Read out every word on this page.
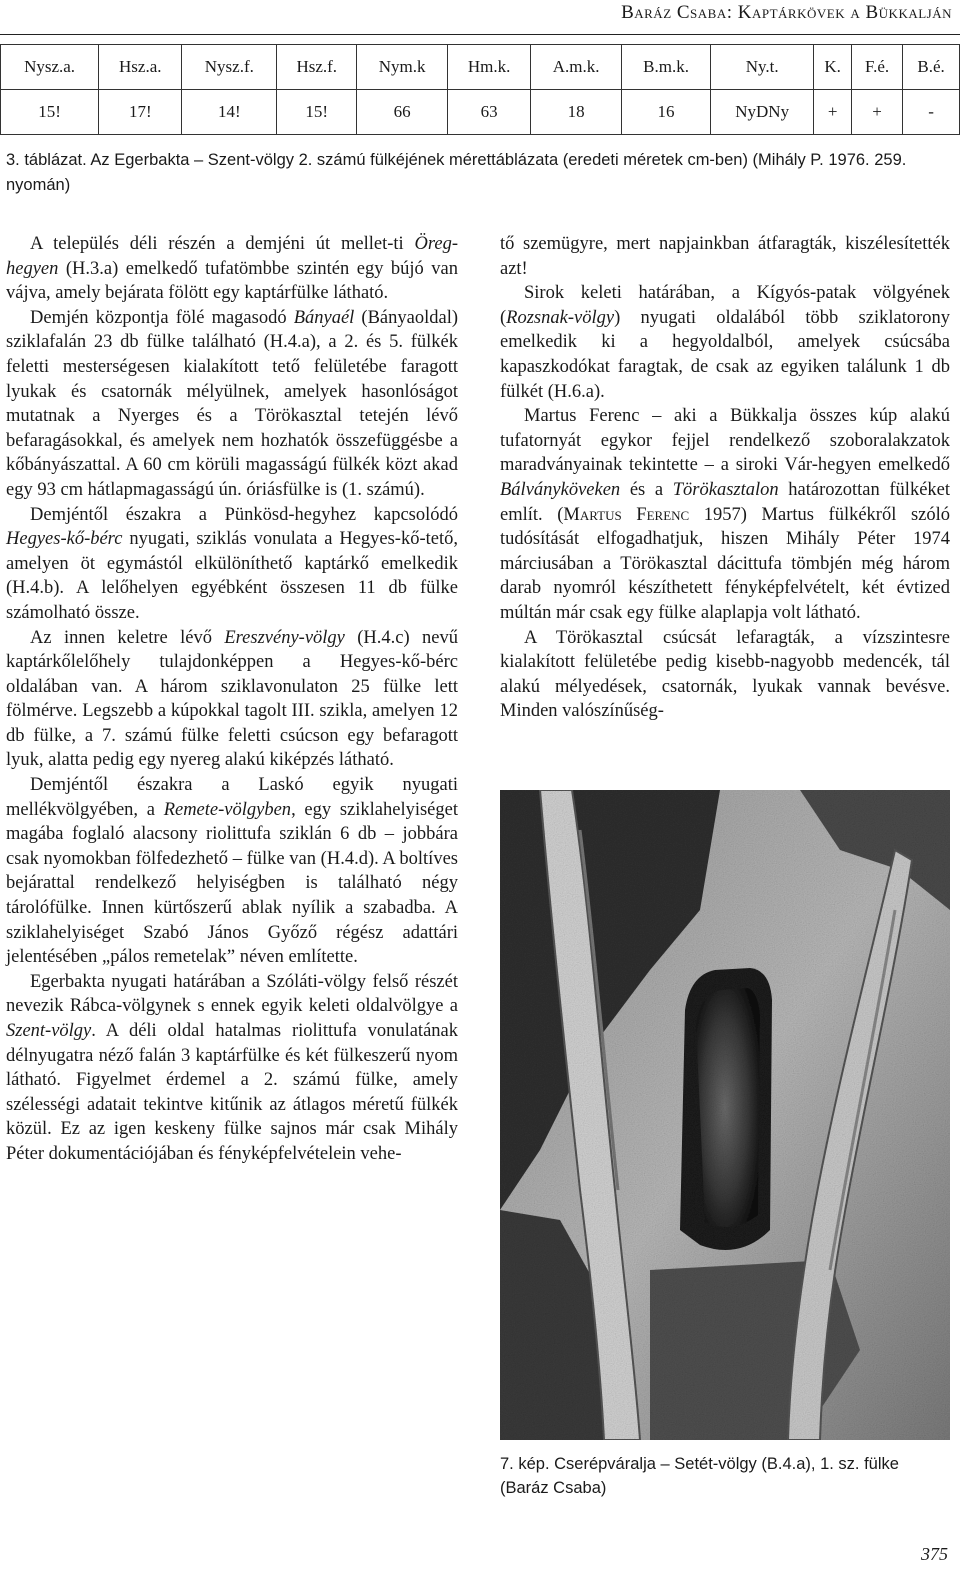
Baráz Csaba: Kaptárkövek a Bükkalján
Nysz.a.	Hsz.a.	Nysz.f.	Hsz.f.	Nym.k	Hm.k.	A.m.k.	B.m.k.	Ny.t.	K.	F.é.	B.é.
15!	17!	14!	15!	66	63	18	16	NyDNy	+	+	-

3. táblázat. Az Egerbakta – Szent-völgy 2. számú fülkéjének mérettáblázata (eredeti méretek cm-ben) (Mihály P. 1976. 259. nyomán)

A település déli részén a demjéni út mellet-ti Öreg-hegyen (H.3.a) emelkedő tufatömbbe szintén egy bújó van vájva, amely bejárata fölött egy kaptárfülke látható.

Demjén központja fölé magasodó Bányaél (Bányaoldal) sziklafalán 23 db fülke található (H.4.a), a 2. és 5. fülkék feletti mesterségesen kialakított tető felületébe faragott lyukak és csatornák mélyülnek, amelyek hasonlóságot mutatnak a Nyerges és a Törökasztal tetején lévő befaragásokkal, és amelyek nem hozhatók összefüggésbe a kőbányászattal. A 60 cm körüli magasságú fülkék közt akad egy 93 cm hátlapmagasságú ún. óriásfülke is (1. számú).

Demjéntől északra a Pünkösd-hegyhez kapcsolódó Hegyes-kő-bérc nyugati, sziklás vonulata a Hegyes-kő-tető, amelyen öt egymástól elkülöníthető kaptárkő emelkedik (H.4.b). A lelőhelyen egyébként összesen 11 db fülke számolható össze.

Az innen keletre lévő Ereszvény-völgy (H.4.c) nevű kaptárkőlelőhely tulajdonképpen a Hegyes-kő-bérc oldalában van. A három sziklavonulaton 25 fülke lett fölmérve. Legszebb a kúpokkal tagolt III. szikla, amelyen 12 db fülke, a 7. számú fülke feletti csúcson egy befaragott lyuk, alatta pedig egy nyereg alakú kiképzés látható.

Demjéntől északra a Laskó egyik nyugati mellékvölgyében, a Remete-völgyben, egy sziklahelyiséget magába foglaló alacsony riolittufa sziklán 6 db – jobbára csak nyomokban fölfedezhető – fülke van (H.4.d). A boltíves bejárattal rendelkező helyiségben is található négy tárolófülke. Innen kürtőszerű ablak nyílik a szabadba. A sziklahelyiséget Szabó János Győző régész adattári jelentésében „pálos remetelak” néven említette.

Egerbakta nyugati határában a Szóláti-völgy felső részét nevezik Rábca-völgynek s ennek egyik keleti oldalvölgye a Szent-völgy. A déli oldal hatalmas riolittufa vonulatának délnyugatra néző falán 3 kaptárfülke és két fülkeszerű nyom látható. Figyelmet érdemel a 2. számú fülke, amely szélességi adatait tekintve kitűnik az átlagos méretű fülkék közül. Ez az igen keskeny fülke sajnos már csak Mihály Péter dokumentációjában és fényképfelvételein vehe-

tő szemügyre, mert napjainkban átfaragták, kiszélesítették azt!

Sirok keleti határában, a Kígyós-patak völgyének (Rozsnak-völgy) nyugati oldalából több sziklatorony emelkedik ki a hegyoldalból, amelyek csúcsába kapaszkodókat faragtak, de csak az egyiken találunk 1 db fülkét (H.6.a).

Martus Ferenc – aki a Bükkalja összes kúp alakú tufatornyát egykor fejjel rendelkező szoboralakzatok maradványainak tekintette – a siroki Vár-hegyen emelkedő Bálványköveken és a Törökasztalon határozottan fülkéket említ. (Martus Ferenc 1957) Martus fülkékről szóló tudósítását elfogadhatjuk, hiszen Mihály Péter 1974 márciusában a Törökasztal dácittufa tömbjén még három darab nyomról készíthetett fényképfelvételt, két évtized múltán már csak egy fülke alaplapja volt látható.

A Törökasztal csúcsát lefaragták, a vízszintesre kialakított felületébe pedig kisebb-nagyobb medencék, tál alakú mélyedések, csatornák, lyukak vannak bevésve. Minden valószínűség-

7. kép. Cserépváralja – Setét-völgy (B.4.a), 1. sz. fülke (Baráz Csaba)

375
